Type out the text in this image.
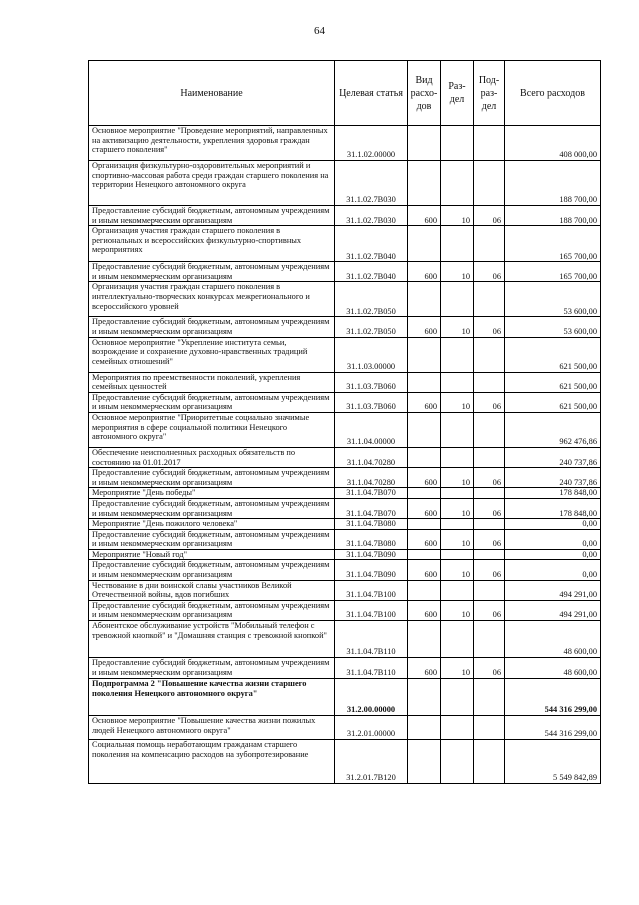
64
Наименование	Целевая статья	Вид расхо-дов	Раз-дел	Под-раз-дел	Всего расходов
Основное мероприятие "Проведение мероприятий, направленных на активизацию деятельности, укрепления здоровья граждан старшего поколения"	31.1.02.00000				408 000,00
Организация физкультурно-оздоровительных мероприятий и спортивно-массовая работа среди граждан старшего поколения на территории Ненецкого автономного округа	31.1.02.7В030				188 700,00
Предоставление субсидий бюджетным, автономным учреждениям и иным некоммерческим организациям	31.1.02.7В030	600	10	06	188 700,00
Организация участия граждан старшего поколения в региональных и всероссийских физкультурно-спортивных мероприятиях	31.1.02.7В040				165 700,00
Предоставление субсидий бюджетным, автономным учреждениям и иным некоммерческим организациям	31.1.02.7В040	600	10	06	165 700,00
Организация участия граждан старшего поколения в интеллектуально-творческих конкурсах межрегионального и всероссийского уровней	31.1.02.7В050				53 600,00
Предоставление субсидий бюджетным, автономным учреждениям и иным некоммерческим организациям	31.1.02.7В050	600	10	06	53 600,00
Основное мероприятие "Укрепление института семьи, возрождение и сохранение духовно-нравственных традиций семейных отношений"	31.1.03.00000				621 500,00
Мероприятия по преемственности поколений, укрепления семейных ценностей	31.1.03.7В060				621 500,00
Предоставление субсидий бюджетным, автономным учреждениям и иным некоммерческим организациям	31.1.03.7В060	600	10	06	621 500,00
Основное мероприятие "Приоритетные социально значимые мероприятия в сфере социальной политики Ненецкого автономного округа"	31.1.04.00000				962 476,86
Обеспечение неисполненных расходных обязательств по состоянию на 01.01.2017	31.1.04.70280				240 737,86
Предоставление субсидий бюджетным, автономным учреждениям и иным некоммерческим организациям	31.1.04.70280	600	10	06	240 737,86
Мероприятие "День победы"	31.1.04.7В070				178 848,00
Предоставление субсидий бюджетным, автономным учреждениям и иным некоммерческим организациям	31.1.04.7В070	600	10	06	178 848,00
Мероприятие "День пожилого человека"	31.1.04.7В080				0,00
Предоставление субсидий бюджетным, автономным учреждениям и иным некоммерческим организациям	31.1.04.7В080	600	10	06	0,00
Мероприятие "Новый год"	31.1.04.7В090				0,00
Предоставление субсидий бюджетным, автономным учреждениям и иным некоммерческим организациям	31.1.04.7В090	600	10	06	0,00
Чествование в дни воинской славы участников Великой Отечественной войны, вдов погибших	31.1.04.7В100				494 291,00
Предоставление субсидий бюджетным, автономным учреждениям и иным некоммерческим организациям	31.1.04.7В100	600	10	06	494 291,00
Абонентское обслуживание устройств "Мобильный телефон с тревожной кнопкой" и "Домашняя станция с тревожной кнопкой"	31.1.04.7В110				48 600,00
Предоставление субсидий бюджетным, автономным учреждениям и иным некоммерческим организациям	31.1.04.7В110	600	10	06	48 600,00
Подпрограмма 2 "Повышение качества жизни старшего поколения Ненецкого автономного округа"	31.2.00.00000				544 316 299,00
Основное мероприятие "Повышение качества жизни пожилых людей Ненецкого автономного округа"	31.2.01.00000				544 316 299,00
Социальная помощь неработающим гражданам старшего поколения на компенсацию расходов на зубопротезирование	31.2.01.7В120				5 549 842,89
